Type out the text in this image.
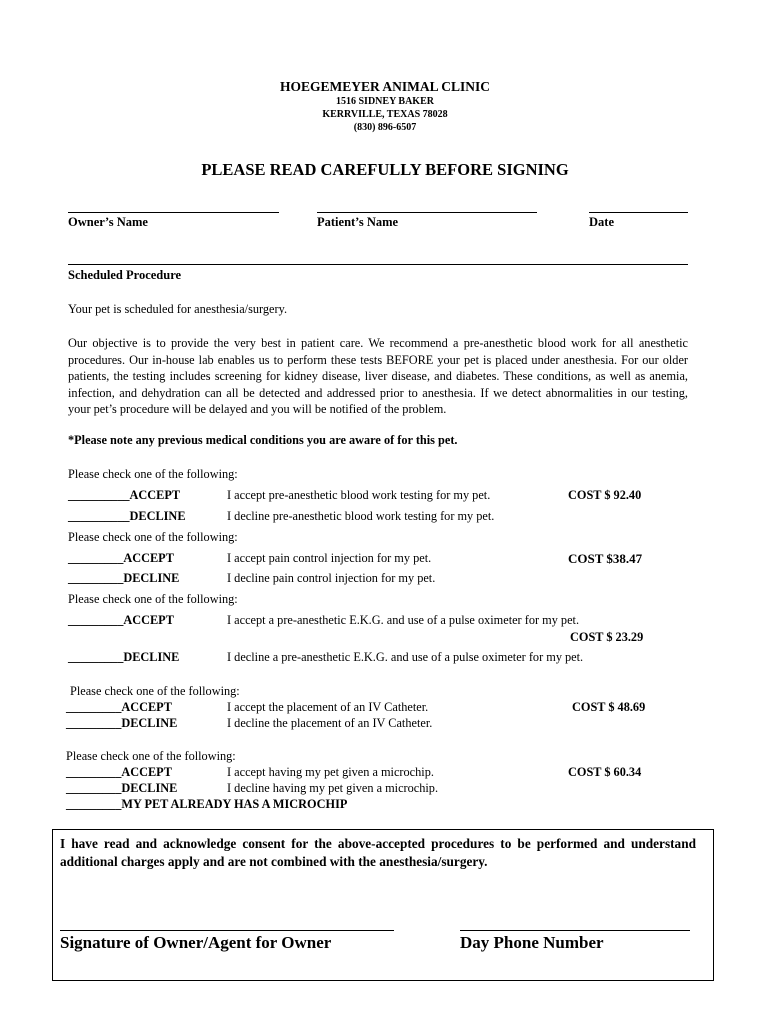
HOEGEMEYER ANIMAL CLINIC
1516 SIDNEY BAKER
KERRVILLE, TEXAS 78028
(830) 896-6507
PLEASE READ CAREFULLY BEFORE SIGNING
Owner’s Name	Patient’s Name	Date
Scheduled Procedure
Your pet is scheduled for anesthesia/surgery.
Our objective is to provide the very best in patient care. We recommend a pre-anesthetic blood work for all anesthetic procedures. Our in-house lab enables us to perform these tests BEFORE your pet is placed under anesthesia. For our older patients, the testing includes screening for kidney disease, liver disease, and diabetes. These conditions, as well as anemia, infection, and dehydration can all be detected and addressed prior to anesthesia. If we detect abnormalities in our testing, your pet’s procedure will be delayed and you will be notified of the problem.
*Please note any previous medical conditions you are aware of for this pet.
Please check one of the following:
__________ACCEPT	I accept pre-anesthetic blood work testing for my pet.	COST $ 92.40
__________DECLINE	I decline pre-anesthetic blood work testing for my pet.
Please check one of the following:
_________ACCEPT	I accept pain control injection for my pet.	COST $38.47
_________DECLINE	I decline pain control injection for my pet.
Please check one of the following:
_________ACCEPT	I accept a pre-anesthetic E.K.G. and use of a pulse oximeter for my pet.
COST $ 23.29
_________DECLINE	I decline a pre-anesthetic E.K.G. and use of a pulse oximeter for my pet.
Please check one of the following:
_________ACCEPT	I accept the placement of an IV Catheter.	COST $ 48.69
_________DECLINE	I decline the placement of an IV Catheter.
Please check one of the following:
_________ACCEPT	I accept having my pet given a microchip.	COST $ 60.34
_________DECLINE	I decline having my pet given a microchip.
_________MY PET ALREADY HAS A MICROCHIP
I have read and acknowledge consent for the above-accepted procedures to be performed and understand additional charges apply and are not combined with the anesthesia/surgery.
Signature of Owner/Agent for Owner	Day Phone Number
